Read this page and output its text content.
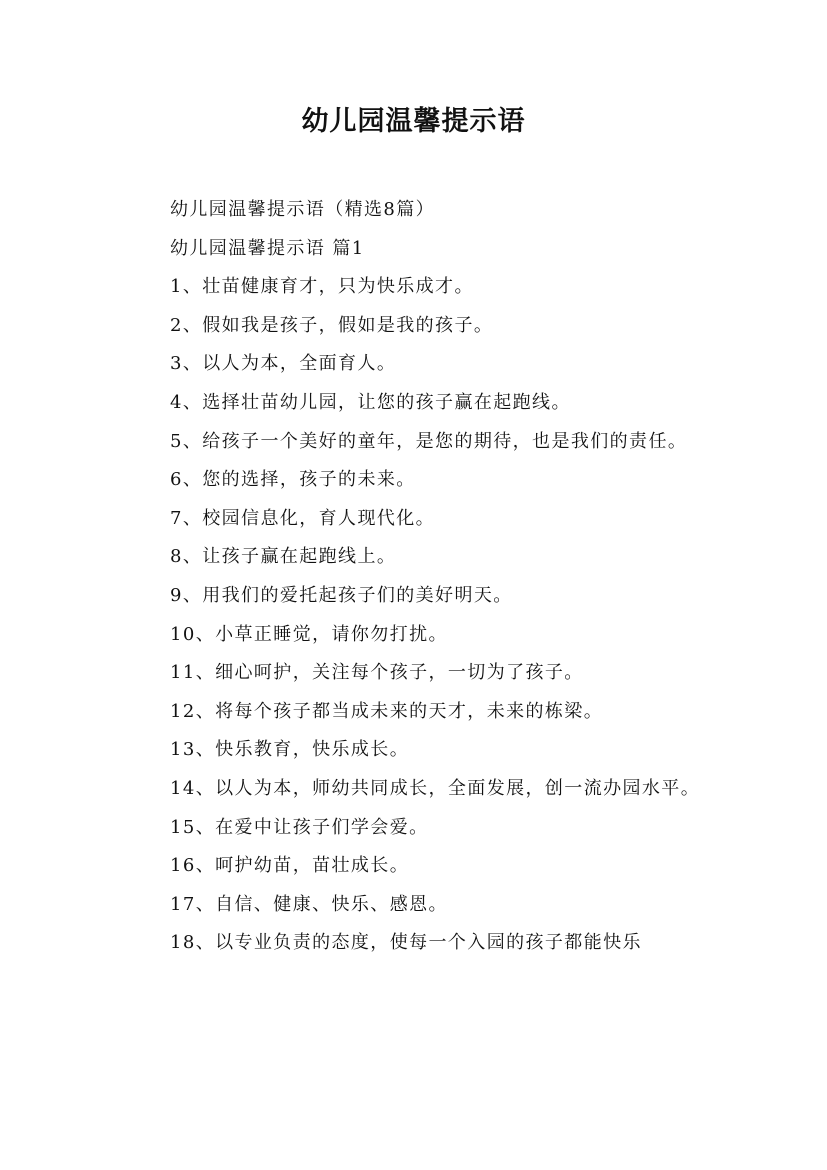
幼儿园温馨提示语

幼儿园温馨提示语（精选8篇）

幼儿园温馨提示语 篇1

1、壮苗健康育才，只为快乐成才。

2、假如我是孩子，假如是我的孩子。

3、以人为本，全面育人。

4、选择壮苗幼儿园，让您的孩子赢在起跑线。

5、给孩子一个美好的童年，是您的期待，也是我们的责任。

6、您的选择，孩子的未来。

7、校园信息化，育人现代化。

8、让孩子赢在起跑线上。

9、用我们的爱托起孩子们的美好明天。

10、小草正睡觉，请你勿打扰。

11、细心呵护，关注每个孩子，一切为了孩子。

12、将每个孩子都当成未来的天才，未来的栋梁。

13、快乐教育，快乐成长。

14、以人为本，师幼共同成长，全面发展，创一流办园水平。

15、在爱中让孩子们学会爱。

16、呵护幼苗，苗壮成长。

17、自信、健康、快乐、感恩。

18、以专业负责的态度，使每一个入园的孩子都能快乐
